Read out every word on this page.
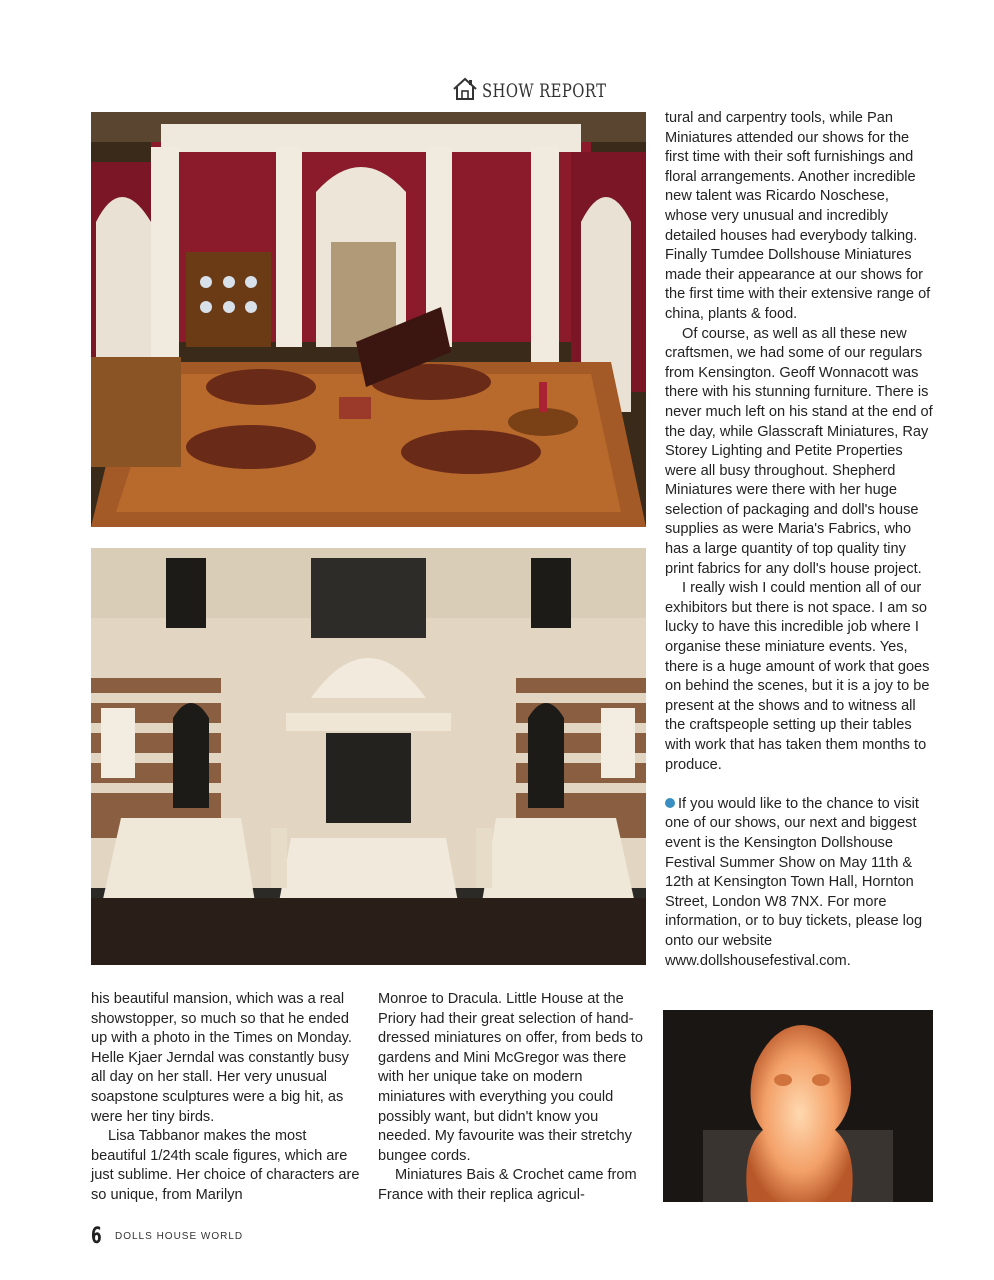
SHOW REPORT

tural and carpentry tools, while Pan Miniatures attended our shows for the first time with their soft furnishings and floral arrangements. Another incredible new talent was Ricardo Noschese, whose very unusual and incredibly detailed houses had everybody talking. Finally Tumdee Dollshouse Miniatures made their appearance at our shows for the first time with their extensive range of china, plants & food.

Of course, as well as all these new craftsmen, we had some of our regulars from Kensington. Geoff Wonnacott was there with his stunning furniture. There is never much left on his stand at the end of the day, while Glasscraft Miniatures, Ray Storey Lighting and Petite Properties were all busy throughout. Shepherd Miniatures were there with her huge selection of packaging and doll's house supplies as were Maria's Fabrics, who has a large quantity of top quality tiny print fabrics for any doll's house project.

I really wish I could mention all of our exhibitors but there is not space. I am so lucky to have this incredible job where I organise these miniature events. Yes, there is a huge amount of work that goes on behind the scenes, but it is a joy to be present at the shows and to witness all the craftspeople setting up their tables with work that has taken them months to produce.

If you would like to the chance to visit one of our shows, our next and biggest event is the Kensington Dollshouse Festival Summer Show on May 11th & 12th at Kensington Town Hall, Hornton Street, London W8 7NX. For more information, or to buy tickets, please log onto our website www.dollshousefestival.com.

his beautiful mansion, which was a real showstopper, so much so that he ended up with a photo in the Times on Monday. Helle Kjaer Jerndal was constantly busy all day on her stall. Her very unusual soapstone sculptures were a big hit, as were her tiny birds.

Lisa Tabbanor makes the most beautiful 1/24th scale figures, which are just sublime. Her choice of characters are so unique, from Marilyn

Monroe to Dracula. Little House at the Priory had their great selection of hand-dressed miniatures on offer, from beds to gardens and Mini McGregor was there with her unique take on modern miniatures with everything you could possibly want, but didn't know you needed. My favourite was their stretchy bungee cords.

Miniatures Bais & Crochet came from France with their replica agricul-

6 DOLLS HOUSE WORLD
